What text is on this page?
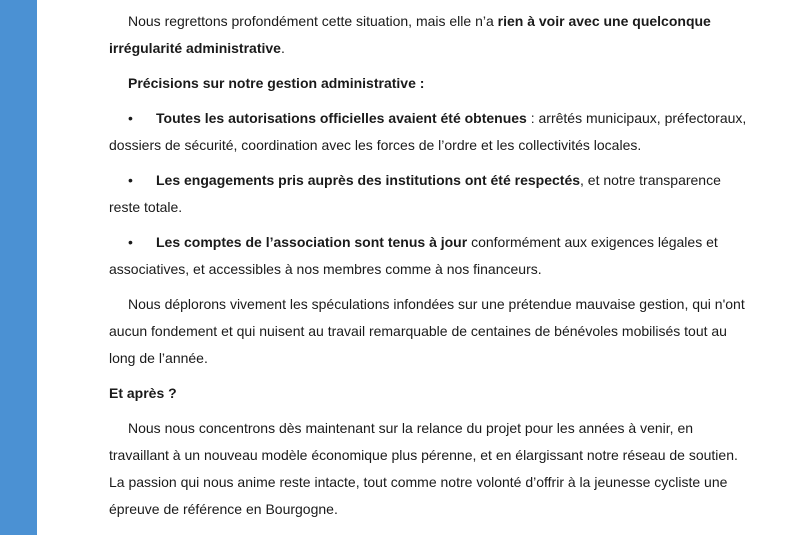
Nous regrettons profondément cette situation, mais elle n’a rien à voir avec une quelconque irrégularité administrative.

Précisions sur notre gestion administrative :

• Toutes les autorisations officielles avaient été obtenues : arrêtés municipaux, préfectoraux, dossiers de sécurité, coordination avec les forces de l’ordre et les collectivités locales.

• Les engagements pris auprès des institutions ont été respectés, et notre transparence reste totale.

• Les comptes de l’association sont tenus à jour conformément aux exigences légales et associatives, et accessibles à nos membres comme à nos financeurs.

Nous déplorons vivement les spéculations infondées sur une prétendue mauvaise gestion, qui n'ont aucun fondement et qui nuisent au travail remarquable de centaines de bénévoles mobilisés tout au long de l’année.

Et après ?

Nous nous concentrons dès maintenant sur la relance du projet pour les années à venir, en travaillant à un nouveau modèle économique plus pérenne, et en élargissant notre réseau de soutien. La passion qui nous anime reste intacte, tout comme notre volonté d’offrir à la jeunesse cycliste une épreuve de référence en Bourgogne.
